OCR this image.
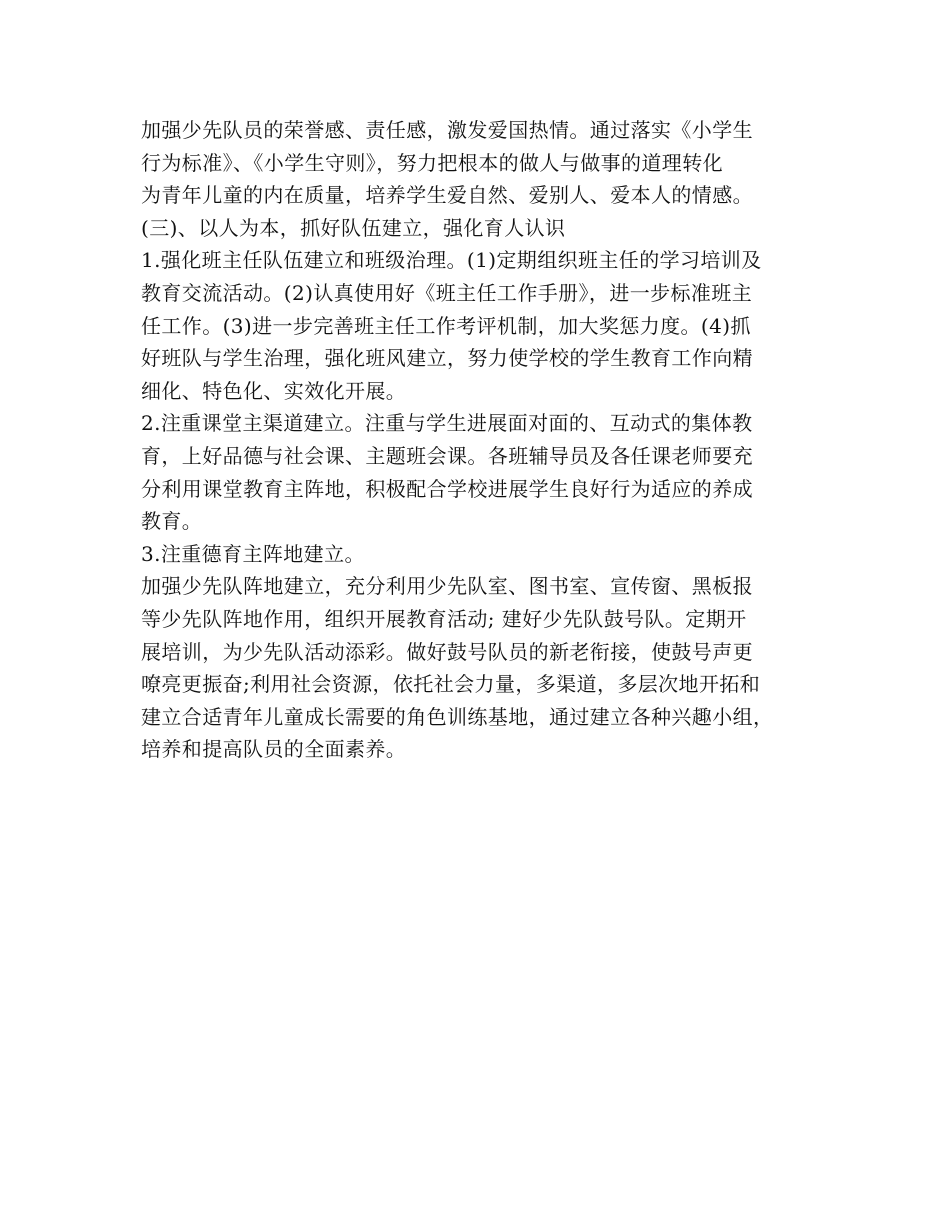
加强少先队员的荣誉感、责任感，激发爱国热情。通过落实《小学生
行为标准》、《小学生守则》，努力把根本的做人与做事的道理转化
为青年儿童的内在质量，培养学生爱自然、爱别人、爱本人的情感。
(三)、以人为本，抓好队伍建立，强化育人认识
1.强化班主任队伍建立和班级治理。(1)定期组织班主任的学习培训及
教育交流活动。(2)认真使用好《班主任工作手册》，进一步标准班主
任工作。(3)进一步完善班主任工作考评机制，加大奖惩力度。(4)抓
好班队与学生治理，强化班风建立，努力使学校的学生教育工作向精
细化、特色化、实效化开展。
2.注重课堂主渠道建立。注重与学生进展面对面的、互动式的集体教
育，上好品德与社会课、主题班会课。各班辅导员及各任课老师要充
分利用课堂教育主阵地，积极配合学校进展学生良好行为适应的养成
教育。
3.注重德育主阵地建立。
加强少先队阵地建立，充分利用少先队室、图书室、宣传窗、黑板报
等少先队阵地作用，组织开展教育活动; 建好少先队鼓号队。定期开
展培训，为少先队活动添彩。做好鼓号队员的新老衔接，使鼓号声更
嘹亮更振奋;利用社会资源，依托社会力量，多渠道，多层次地开拓和
建立合适青年儿童成长需要的角色训练基地，通过建立各种兴趣小组，
培养和提高队员的全面素养。
